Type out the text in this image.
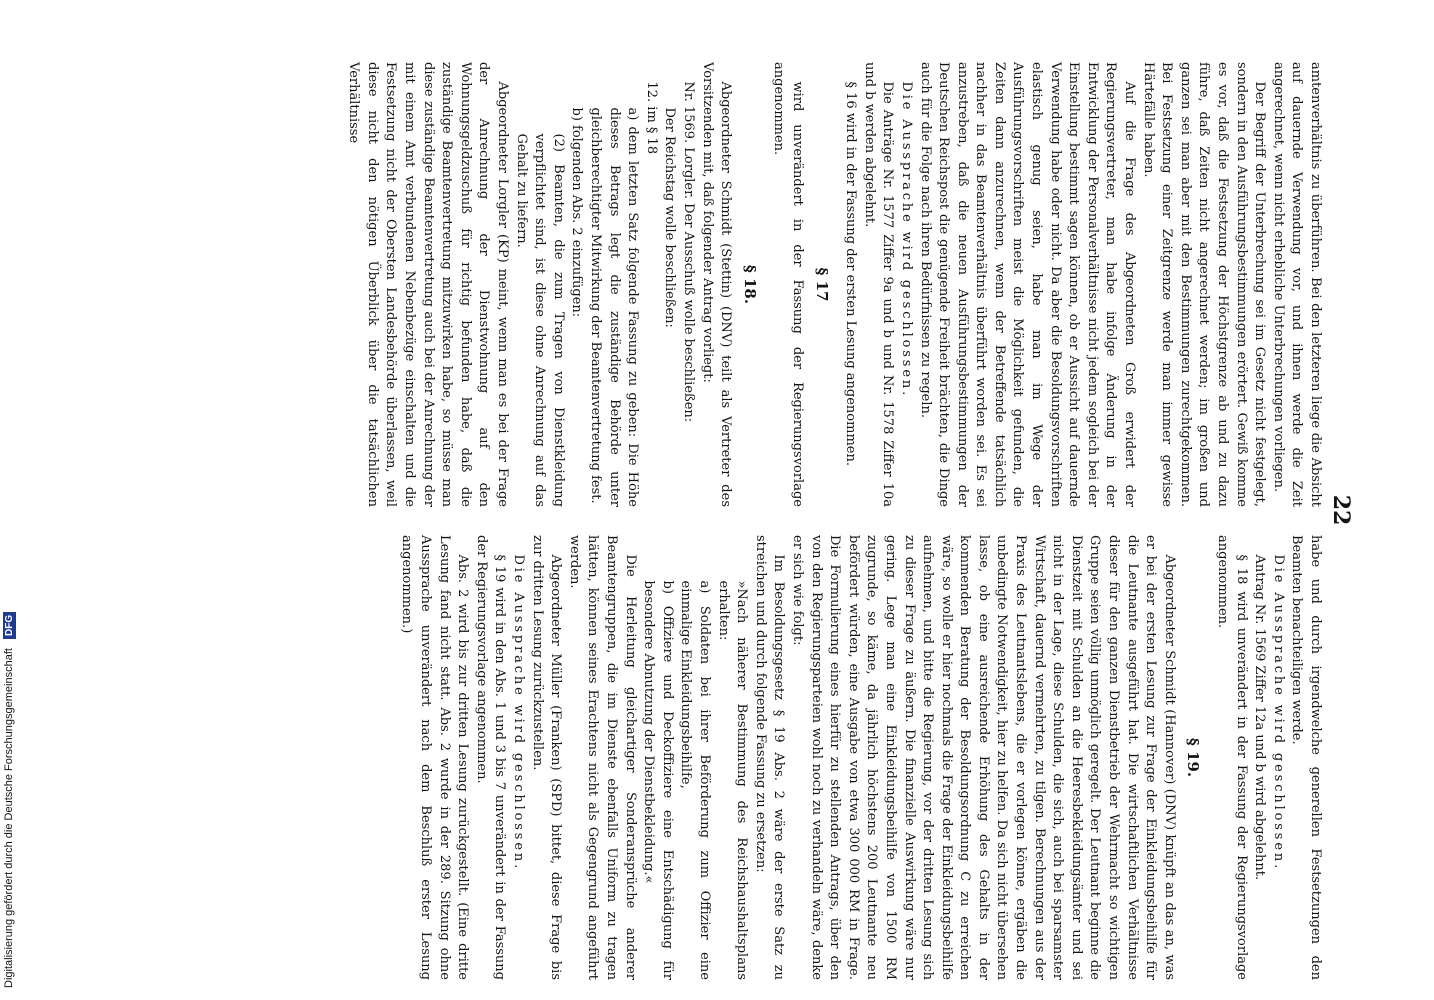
22

amtenverhältnis zu überführen. Bei den letzteren liege die Absicht auf dauernde Verwendung vor, und ihnen werde die Zeit angerechnet, wenn nicht erhebliche Unterbrechungen vorliegen.

Der Begriff der Unterbrechung sei im Gesetz nicht festgelegt, sondern in den Ausführungsbestimmungen erörtert. Gewiß komme es vor, daß die Festsetzung der Höchstgrenze ab und zu dazu führe, daß Zeiten nicht angerechnet werden; im großen und ganzen sei man aber mit den Bestimmungen zurechtgekommen. Bei Festsetzung einer Zeitgrenze werde man immer gewisse Härtefälle haben.

Auf die Frage des Abgeordneten Groß erwidert der Regierungsvertreter, man habe infolge Änderung in der Entwicklung der Personalverhältnisse nicht jedem sogleich bei der Einstellung bestimmt sagen können, ob er Aussicht auf dauernde Verwendung habe oder nicht. Da aber die Besoldungsvorschriften elastisch genug seien, habe man im Wege der Ausführungsvorschriften meist die Möglichkeit gefunden, die Zeiten dann anzurechnen, wenn der Betreffende tatsächlich nachher in das Beamtenverhältnis überführt worden sei. Es sei anzustreben, daß die neuen Ausführungsbestimmungen der Deutschen Reichspost die genügende Freiheit brächten, die Dinge auch für die Folge nach ihren Bedürfnissen zu regeln.

Die Aussprache wird geschlossen.

Die Anträge Nr. 1577 Ziffer 9a und b und Nr. 1578 Ziffer 10a und b werden abgelehnt.

§ 16 wird in der Fassung der ersten Lesung angenommen.

§ 17

wird unverändert in der Fassung der Regierungsvorlage angenommen.

§ 18.

Abgeordneter Schmidt (Stettin) (DNV) teilt als Vertreter des Vorsitzenden mit, daß folgender Antrag vorliegt:

Nr. 1569. Lorgler. Der Ausschuß wolle beschließen:

Der Reichstag wolle beschließen:

12. im § 18

a) dem letzten Satz folgende Fassung zu geben: Die Höhe dieses Betrags legt die zuständige Behörde unter gleichberechtigter Mitwirkung der Beamtenvertretung fest.

b) folgenden Abs. 2 einzufügen:

(2) Beamten, die zum Tragen von Dienstkleidung verpflichtet sind, ist diese ohne Anrechnung auf das Gehalt zu liefern.

Abgeordneter Lorgler (KP) meint, wenn man es bei der Frage der Anrechnung der Dienstwohnung auf den Wohnungsgeldzuschuß für richtig befunden habe, daß die zuständige Beamtenvertretung mitzuwirken habe, so müsse man diese zuständige Beamtenvertretung auch bei der Anrechnung der mit einem Amt verbundenen Nebenbezüge einschalten und die Festsetzung nicht der Obersten Landesbehörde überlassen, weil diese nicht den nötigen Überblick über die tatsächlichen Verhältnisse

habe und durch irgendwelche generellen Festsetzungen den Beamten benachteiligen werde.

Die Aussprache wird geschlossen.

Antrag Nr. 1569 Ziffer 12a und b wird abgelehnt.

§ 18 wird unverändert in der Fassung der Regierungsvorlage angenommen.

§ 19.

Abgeordneter Schmidt (Hannover) (DNV) knüpft an das an, was er bei der ersten Lesung zur Frage der Einkleidungsbeihilfe für die Leutnante ausgeführt hat. Die wirtschaftlichen Verhältnisse dieser für den ganzen Dienstbetrieb der Wehrmacht so wichtigen Gruppe seien völlig unmöglich geregelt. Der Leutnant beginne die Dienstzeit mit Schulden an die Heeresbekleidungsämter und sei nicht in der Lage, diese Schulden, die sich, auch bei sparsamster Wirtschaft, dauernd vermehrten, zu tilgen. Berechnungen aus der Praxis des Leutnantslebens, die er vorlegen könne, ergäben die unbedingte Notwendigkeit, hier zu helfen. Da sich nicht übersehen lasse, ob eine ausreichende Erhöhung des Gehalts in der kommenden Beratung der Besoldungsordnung C zu erreichen wäre, so wolle er hier nochmals die Frage der Einkleidungsbeihilfe aufnehmen, und bitte die Regierung, vor der dritten Lesung sich zu dieser Frage zu äußern. Die finanzielle Auswirkung wäre nur gering. Lege man eine Einkleidungsbeihilfe von 1500 RM zugrunde, so käme, da jährlich höchstens 200 Leutnante neu befördert würden, eine Ausgabe von etwa 300 000 RM in Frage. Die Formulierung eines hierfür zu stellenden Antrags, über den von den Regierungsparteien wohl noch zu verhandeln wäre, denke er sich wie folgt:

Im Besoldungsgesetz § 19 Abs. 2 wäre der erste Satz zu streichen und durch folgende Fassung zu ersetzen:

»Nach näherer Bestimmung des Reichshaushaltsplans erhalten:

a) Soldaten bei ihrer Beförderung zum Offizier eine einmalige Einkleidungsbeihilfe,

b) Offiziere und Deckoffiziere eine Entschädigung für besondere Abnutzung der Dienstbekleidung.«

Die Herleitung gleichartiger Sonderansprüche anderer Beamtengruppen, die im Dienste ebenfalls Uniform zu tragen hätten, können seines Erachtens nicht als Gegengrund angeführt werden.

Abgeordneter Müller (Franken) (SPD) bittet, diese Frage bis zur dritten Lesung zurückzustellen.

Die Aussprache wird geschlossen.

§ 19 wird in den Abs. 1 und 3 bis 7 unverändert in der Fassung der Regierungsvorlage angenommen.

Abs. 2 wird bis zur dritten Lesung zurückgestellt. (Eine dritte Lesung fand nicht statt. Abs. 2 wurde in der 289. Sitzung ohne Aussprache unverändert nach dem Beschluß erster Lesung angenommen.)

Digitalisierung gefördert durch die Deutsche Forschungsgemeinschaft DFG
